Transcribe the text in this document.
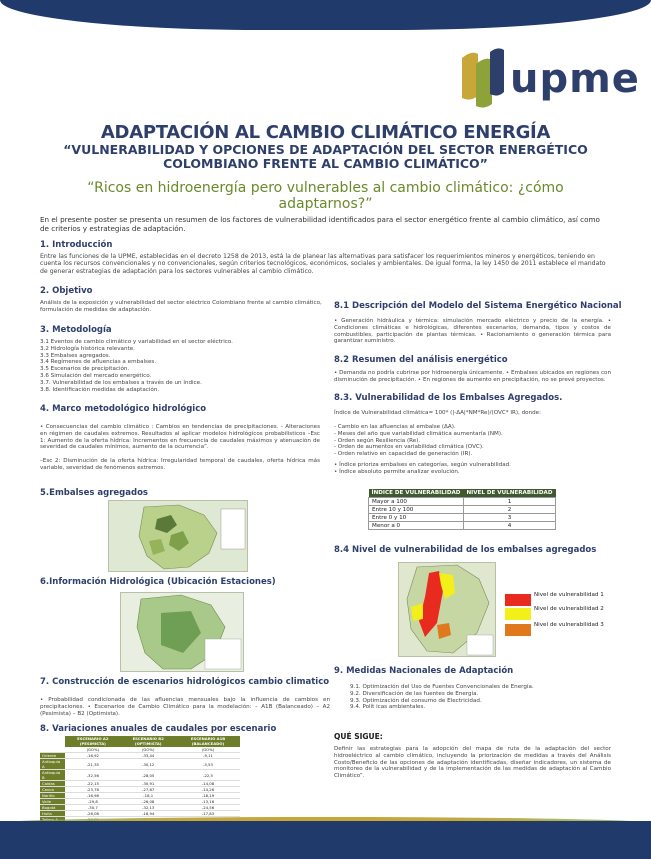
upme
ADAPTACIÓN AL CAMBIO CLIMÁTICO ENERGÍA
“VULNERABILIDAD Y OPCIONES DE ADAPTACIÓN DEL SECTOR ENERGÉTICO COLOMBIANO FRENTE AL CAMBIO CLIMÁTICO”
“Ricos en hidroenergía pero vulnerables al cambio climático: ¿cómo adaptarnos?”
En el presente poster se presenta un resumen de los factores de vulnerabilidad identificados para el sector energético frente al cambio climático, así como de criterios y estrategias de adaptación.
1. Introducción
Entre las funciones de la UPME, establecidas en el decreto 1258 de 2013, está la de planear las alternativas para satisfacer los requerimientos mineros y energéticos, teniendo en cuenta los recursos convencionales y no convencionales, según criterios tecnológicos, económicos, sociales y ambientales. De igual forma, la ley 1450 de 2011 establece el mandato de generar estrategias de adaptación para los sectores vulnerables al cambio climático.
2. Objetivo
Análisis de la exposición y vulnerabilidad del sector eléctrico Colombiano frente al cambio climático, formulación de medidas de adaptación.
3. Metodología
3.1 Eventos de cambio climático y variabilidad en el sector eléctrico.
3.2 Hidrología histórica relevante.
3.3 Embalses agregados.
3.4 Regímenes de afluencias a embalses.
3.5 Escenarios de precipitación.
3.6 Simulación del mercado energético.
3.7. Vulnerabilidad de los embalses a través de un índice.
3.8. Identificación medidas de adaptación.
4. Marco metodológico hidrológico
• Consecuencias del cambio climático : Cambios en tendencias de precipitaciones. - Alteraciones en régimen de caudales extremos. Resultados al aplicar modelos hidrológicos probabilísticos –Esc 1: Aumento de la oferta hídrica: Incrementos en frecuencia de caudales máximos y atenuación de severidad de caudales mínimos, aumento de la ocurrencia”.
–Esc 2: Disminución de la oferta hídrica: Irregularidad temporal de caudales, oferta hídrica más variable, severidad de fenómenos extremos.
5.Embalses agregados
6.Información Hidrológica (Ubicación Estaciones)
7. Construcción de escenarios hidrológicos cambio climatico
• Probabilidad condicionada de las afluencias mensuales bajo la influencia de cambios en precipitaciones. • Escenarios de Cambio Climático para la modelación: – A1B (Balanceado) – A2 (Pesimista) – B2 (Optimista).
8. Variaciones anuales de caudales por escenario
	ESCENARIO A2 (PESIMISTA)	ESCENARIO B2 (OPTIMISTA)	ESCENARIO A1B (BALANCEADO)
	(GO%)	(GO%)	(GO%)
Oriente	-16,92	-33,44	-9,11
Antioquia A	-21,35	-30,12	-5,53
Antioquia B	-32,56	-28,05	-22,5
Caldas	-22,15	-30,91	-14,08
Cauca	-23,78	-27,87	-14,26
Nariño	-16,98	-18,1	-18,19
Valle	-29,8	-26,08	-13,16
Bogotá	-30,7	-32,13	-24,56
Huila	-26,08	-18,94	-17,83

8.1 Descripción del Modelo del Sistema Energético Nacional
• Generación hidráulica y térmica: simulación mercado eléctrico y precio de la energía. • Condiciones climáticas e hidrológicas, diferentes escenarios, demanda, tipos y costos de combustibles, participación de plantas térmicas. • Racionamiento o generación térmica para garantizar suministro.
8.2 Resumen del análisis energético
• Demanda no podría cubrirse por hidroenergía únicamente. • Embalses ubicados en regiones con disminución de precipitación. • En regiones de aumento en precipitación, no se prevé proyectos.
8.3. Vulnerabilidad de los Embalses Agregados.
Índice de Vulnerabilidad climática= 100* (|-ΔA|*NM*Re)/(OVC* IR), donde:
- Cambio en las afluencias al embalse (ΔA).
- Meses del año que variabilidad climática aumentaría (NM).
- Orden según Resiliencia (Re).
- Orden de aumentos en variabilidad climática (OVC).
- Orden relativo en capacidad de generación (IR).
• Índice prioriza embalses en categorías, según vulnerabilidad.
• Índice absoluto permite analizar evolución.
ÍNDICE DE VULNERABILIDAD	NIVEL DE VULNERABILIDAD
Mayor a 100	1
Entre 10 y 100	2
Entre 0 y 10	3
Menor a 0	4
8.4 Nivel de vulnerabilidad de los embalses agregados
Nivel de vulnerabilidad 1
Nivel de vulnerabilidad 2
Nivel de vulnerabilidad 3
9. Medidas Nacionales de Adaptación
9.1. Optimización del Uso de Fuentes Convencionales de Energía.
9.2. Diversificación de las fuentes de Energía.
9.3. Optimización del consumo de Electricidad.
9.4. Polít icas ambientales.
QUÉ SIGUE:
Definir las estrategias para la adopción del mapa de ruta de la adaptación del sector hidroeléctrico al cambio climático, incluyendo la priorización de medidas a través del Análisis Costo/Beneficio de las opciones de adaptación identificadas, diseñar indicadores, un sistema de monitoreo de la vulnerabilidad y de la implementación de las medidas de adaptación al Cambio Climático”.
